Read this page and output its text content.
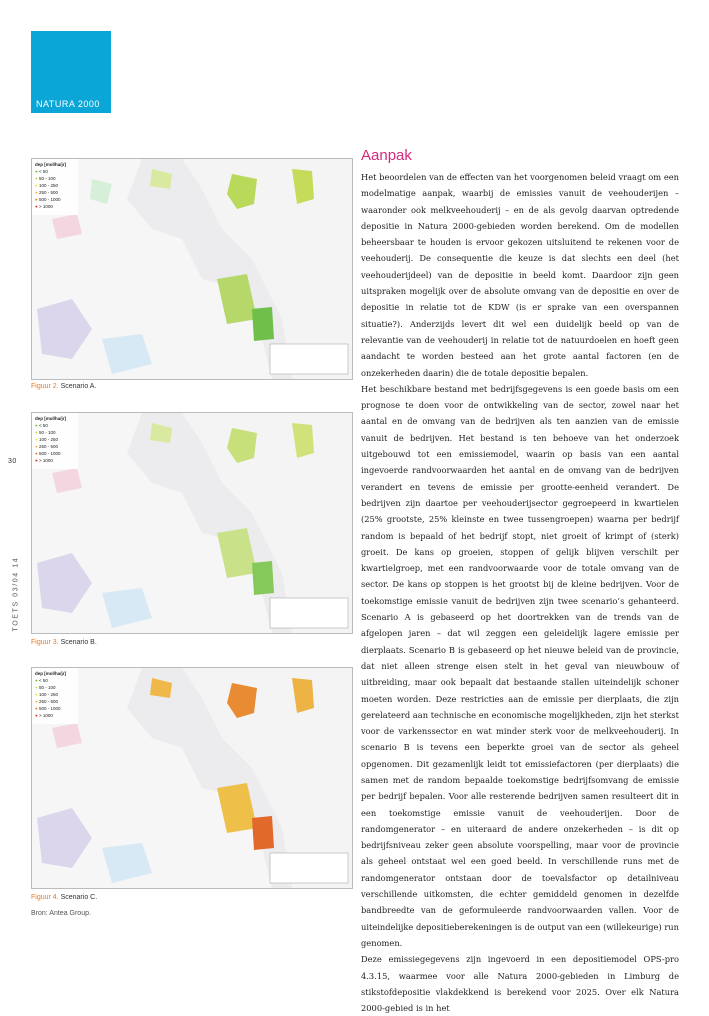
NATURA 2000
30
TOETS 03/04 14
dep [mol/ha/jr]
● < 50
● 50 - 100
● 100 - 250
● 250 - 500
● 500 - 1000
● > 1000
Figuur 2. Scenario A.
dep [mol/ha/jr]
● < 50
● 50 - 100
● 100 - 250
● 250 - 500
● 500 - 1000
● > 1000
Figuur 3. Scenario B.
dep [mol/ha/jr]
● < 50
● 50 - 100
● 100 - 250
● 250 - 500
● 500 - 1000
● > 1000
Figuur 4. Scenario C.
Bron: Antea Group.
Aanpak

Het beoordelen van de effecten van het voorgenomen beleid vraagt om een modelmatige aanpak, waarbij de emissies vanuit de veehouderijen – waaronder ook melkveehouderij – en de als gevolg daarvan optredende depositie in Natura 2000-gebieden worden berekend. Om de modellen beheersbaar te houden is ervoor gekozen uitsluitend te rekenen voor de veehouderij. De consequentie die keuze is dat slechts een deel (het veehouderijdeel) van de depositie in beeld komt. Daardoor zijn geen uitspraken mogelijk over de absolute omvang van de depositie en over de depositie in relatie tot de KDW (is er sprake van een overspannen situatie?). Anderzijds levert dit wel een duidelijk beeld op van de relevantie van de veehouderij in relatie tot de natuurdoelen en hoeft geen aandacht te worden besteed aan het grote aantal factoren (en de onzekerheden daarin) die de totale depositie bepalen.

Het beschikbare bestand met bedrijfsgegevens is een goede basis om een prognose te doen voor de ontwikkeling van de sector, zowel naar het aantal en de omvang van de bedrijven als ten aanzien van de emissie vanuit de bedrijven. Het bestand is ten behoeve van het onderzoek uitgebouwd tot een emissiemodel, waarin op basis van een aantal ingevoerde randvoorwaarden het aantal en de omvang van de bedrijven verandert en tevens de emissie per grootte-eenheid verandert. De bedrijven zijn daartoe per veehouderijsector gegroepeerd in kwartielen (25% grootste, 25% kleinste en twee tussengroepen) waarna per bedrijf random is bepaald of het bedrijf stopt, niet groeit of krimpt of (sterk) groeit. De kans op groeien, stoppen of gelijk blijven verschilt per kwartielgroep, met een randvoorwaarde voor de totale omvang van de sector. De kans op stoppen is het grootst bij de kleine bedrijven. Voor de toekomstige emissie vanuit de bedrijven zijn twee scenario’s gehanteerd. Scenario A is gebaseerd op het doortrekken van de trends van de afgelopen jaren – dat wil zeggen een geleidelijk lagere emissie per dierplaats. Scenario B is gebaseerd op het nieuwe beleid van de provincie, dat niet alleen strenge eisen stelt in het geval van nieuwbouw of uitbreiding, maar ook bepaalt dat bestaande stallen uiteindelijk schoner moeten worden. Deze restricties aan de emissie per dierplaats, die zijn gerelateerd aan technische en economische mogelijkheden, zijn het sterkst voor de varkenssector en wat minder sterk voor de melkveehouderij. In scenario B is tevens een beperkte groei van de sector als geheel opgenomen. Dit gezamenlijk leidt tot emissiefactoren (per dierplaats) die samen met de random bepaalde toekomstige bedrijfsomvang de emissie per bedrijf bepalen. Voor alle resterende bedrijven samen resulteert dit in een toekomstige emissie vanuit de veehouderijen. Door de randomgenerator – en uiteraard de andere onzekerheden – is dit op bedrijfsniveau zeker geen absolute voorspelling, maar voor de provincie als geheel ontstaat wel een goed beeld. In verschillende runs met de randomgenerator ontstaan door de toevalsfactor op detailniveau verschillende uitkomsten, die echter gemiddeld genomen in dezelfde bandbreedte van de geformuleerde randvoorwaarden vallen. Voor de uiteindelijke depositieberekeningen is de output van een (willekeurige) run genomen.

Deze emissiegegevens zijn ingevoerd in een depositiemodel OPS-pro 4.3.15, waarmee voor alle Natura 2000-gebieden in Limburg de stikstofdepositie vlakdekkend is berekend voor 2025. Over elk Natura 2000-gebied is in het
